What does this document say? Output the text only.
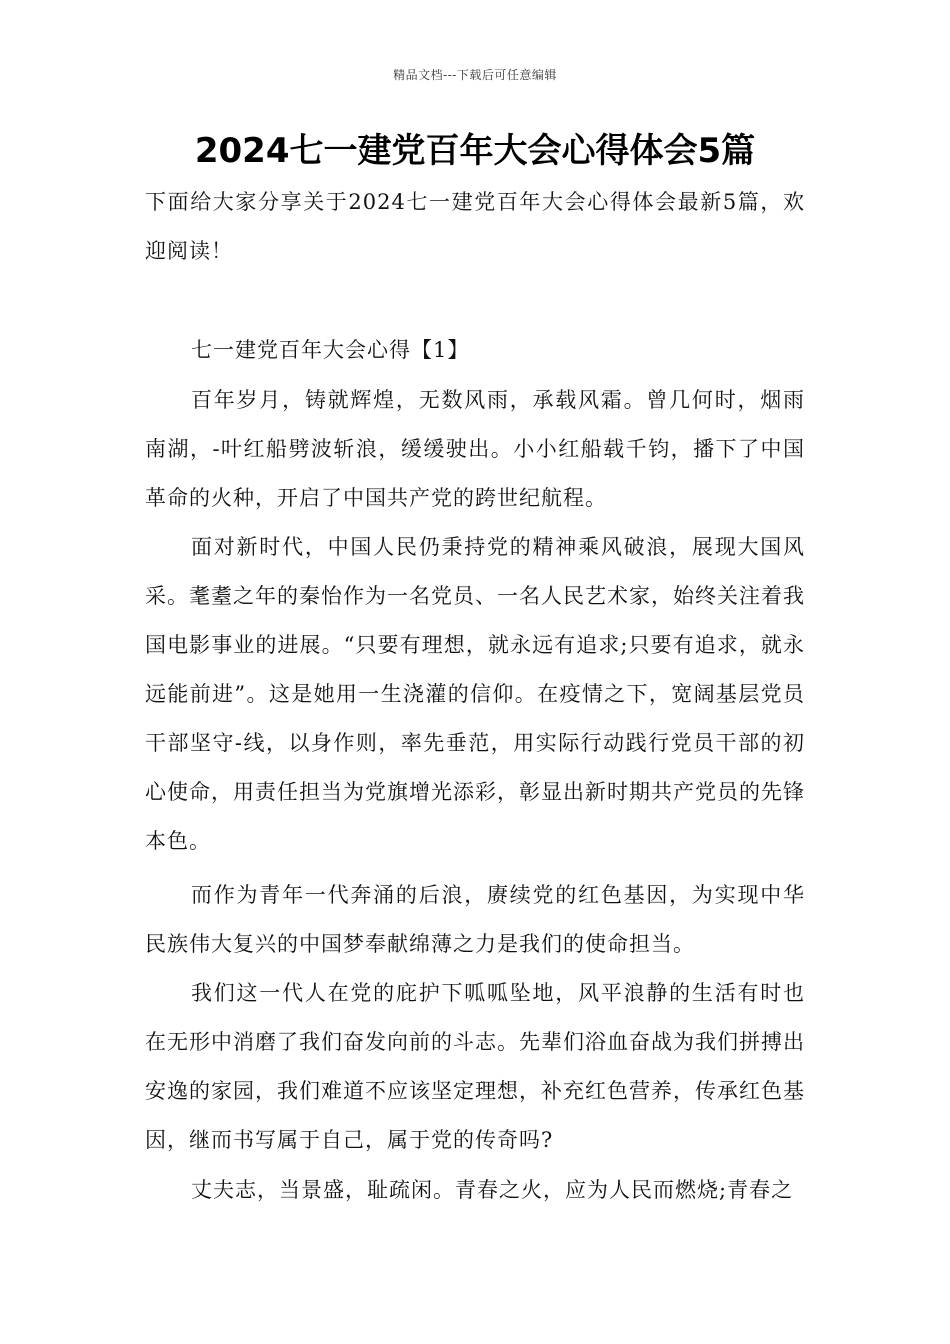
精品文档---下载后可任意编辑
2024七一建党百年大会心得体会5篇

下面给大家分享关于2024七一建党百年大会心得体会最新5篇，欢迎阅读！

七一建党百年大会心得【1】

百年岁月，铸就辉煌，无数风雨，承载风霜。曾几何时，烟雨南湖，-叶红船劈波斩浪，缓缓驶出。小小红船载千钧，播下了中国革命的火种，开启了中国共产党的跨世纪航程。

面对新时代，中国人民仍秉持党的精神乘风破浪，展现大国风采。耄耋之年的秦怡作为一名党员、一名人民艺术家，始终关注着我国电影事业的进展。“只要有理想，就永远有追求;只要有追求，就永远能前进”。这是她用一生浇灌的信仰。在疫情之下，宽阔基层党员干部坚守-线，以身作则，率先垂范，用实际行动践行党员干部的初心使命，用责任担当为党旗增光添彩，彰显出新时期共产党员的先锋本色。

而作为青年一代奔涌的后浪，赓续党的红色基因，为实现中华民族伟大复兴的中国梦奉献绵薄之力是我们的使命担当。

我们这一代人在党的庇护下呱呱坠地，风平浪静的生活有时也在无形中消磨了我们奋发向前的斗志。先辈们浴血奋战为我们拼搏出安逸的家园，我们难道不应该坚定理想，补充红色营养，传承红色基因，继而书写属于自己，属于党的传奇吗?

丈夫志，当景盛，耻疏闲。青春之火，应为人民而燃烧;青春之
